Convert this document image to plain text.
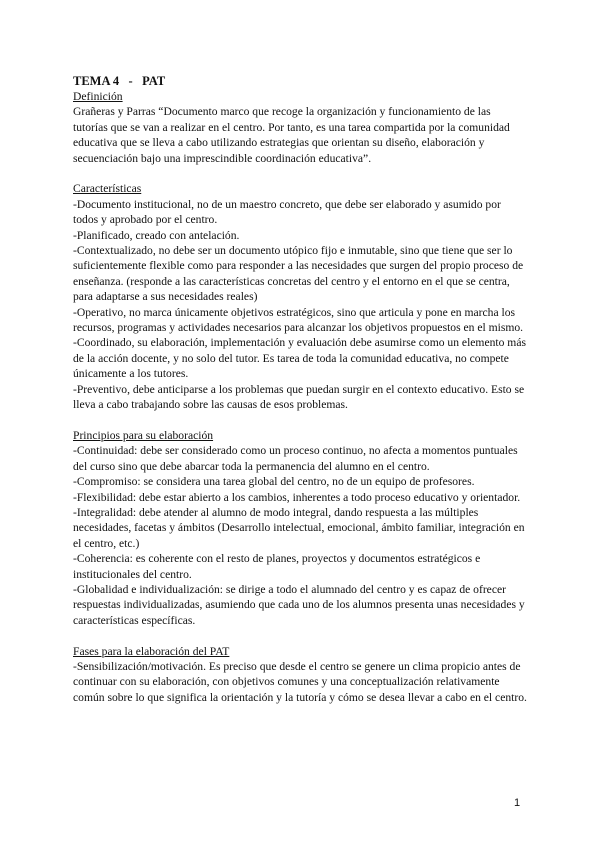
TEMA 4   -   PAT

Definición

Grañeras y Parras “Documento marco que recoge la organización y funcionamiento de las tutorías que se van a realizar en el centro. Por tanto, es una tarea compartida por la comunidad educativa que se lleva a cabo utilizando estrategias que orientan su diseño, elaboración y secuenciación bajo una imprescindible coordinación educativa”.

Características

-Documento institucional, no de un maestro concreto, que debe ser elaborado y asumido por todos y aprobado por el centro.

-Planificado, creado con antelación.

-Contextualizado, no debe ser un documento utópico fijo e inmutable, sino que tiene que ser lo suficientemente flexible como para responder a las necesidades que surgen del propio proceso de enseñanza. (responde a las características concretas del centro y el entorno en el que se centra, para adaptarse a sus necesidades reales)

-Operativo, no marca únicamente objetivos estratégicos, sino que articula y pone en marcha los recursos, programas y actividades necesarios para alcanzar los objetivos propuestos en el mismo.

-Coordinado, su elaboración, implementación y evaluación debe asumirse como un elemento más de la acción docente, y no solo del tutor. Es tarea de toda la comunidad educativa, no compete únicamente a los tutores.

-Preventivo, debe anticiparse a los problemas que puedan surgir en el contexto educativo. Esto se lleva a cabo trabajando sobre las causas de esos problemas.

Principios para su elaboración

-Continuidad: debe ser considerado como un proceso continuo, no afecta a momentos puntuales del curso sino que debe abarcar toda la permanencia del alumno en el centro.

-Compromiso: se considera una tarea global del centro, no de un equipo de profesores.

-Flexibilidad: debe estar abierto a los cambios, inherentes a todo proceso educativo y orientador.

-Integralidad: debe atender al alumno de modo integral, dando respuesta a las múltiples necesidades, facetas y ámbitos (Desarrollo intelectual, emocional, ámbito familiar, integración en el centro, etc.)

-Coherencia: es coherente con el resto de planes, proyectos y documentos estratégicos e institucionales del centro.

-Globalidad e individualización: se dirige a todo el alumnado del centro y es capaz de ofrecer respuestas individualizadas, asumiendo que cada uno de los alumnos presenta unas necesidades y características específicas.

Fases para la elaboración del PAT

-Sensibilización/motivación. Es preciso que desde el centro se genere un clima propicio antes de continuar con su elaboración, con objetivos comunes y una conceptualización relativamente común sobre lo que significa la orientación y la tutoría y cómo se desea llevar a cabo en el centro.

1
